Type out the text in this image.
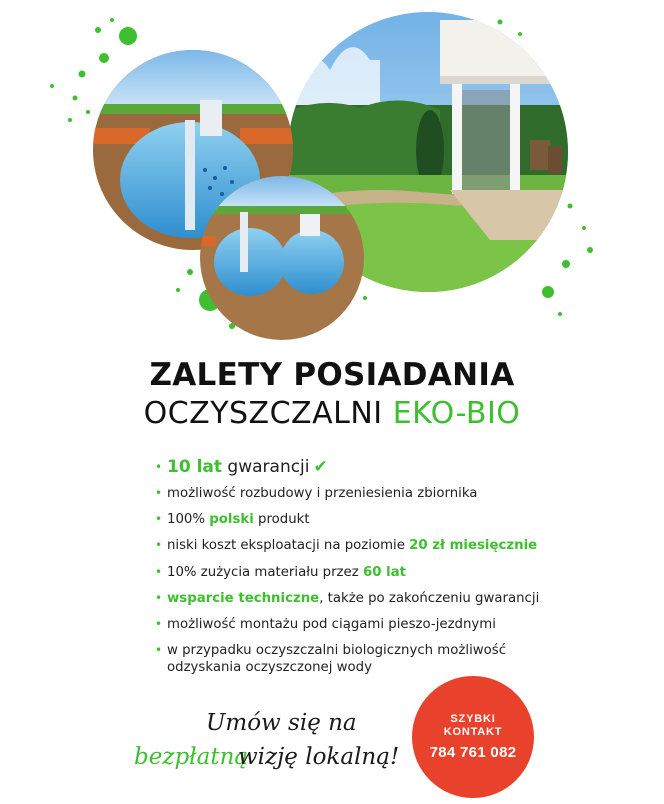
ZALETY POSIADANIA
OCZYSZCZALNI EKO-BIO
• 10 lat gwarancji ✔
• możliwość rozbudowy i przeniesienia zbiornika
• 100% polski produkt
• niski koszt eksploatacji na poziomie 20 zł miesięcznie
• 10% zużycia materiału przez 60 lat
• wsparcie techniczne, także po zakończeniu gwarancji
• możliwość montażu pod ciągami pieszo-jezdnymi
• w przypadku oczyszczalni biologicznych możliwość
odzyskania oczyszczonej wody
Umów się na
bezpłatną
wizję lokalną!
SZYBKI
KONTAKT
784 761 082
